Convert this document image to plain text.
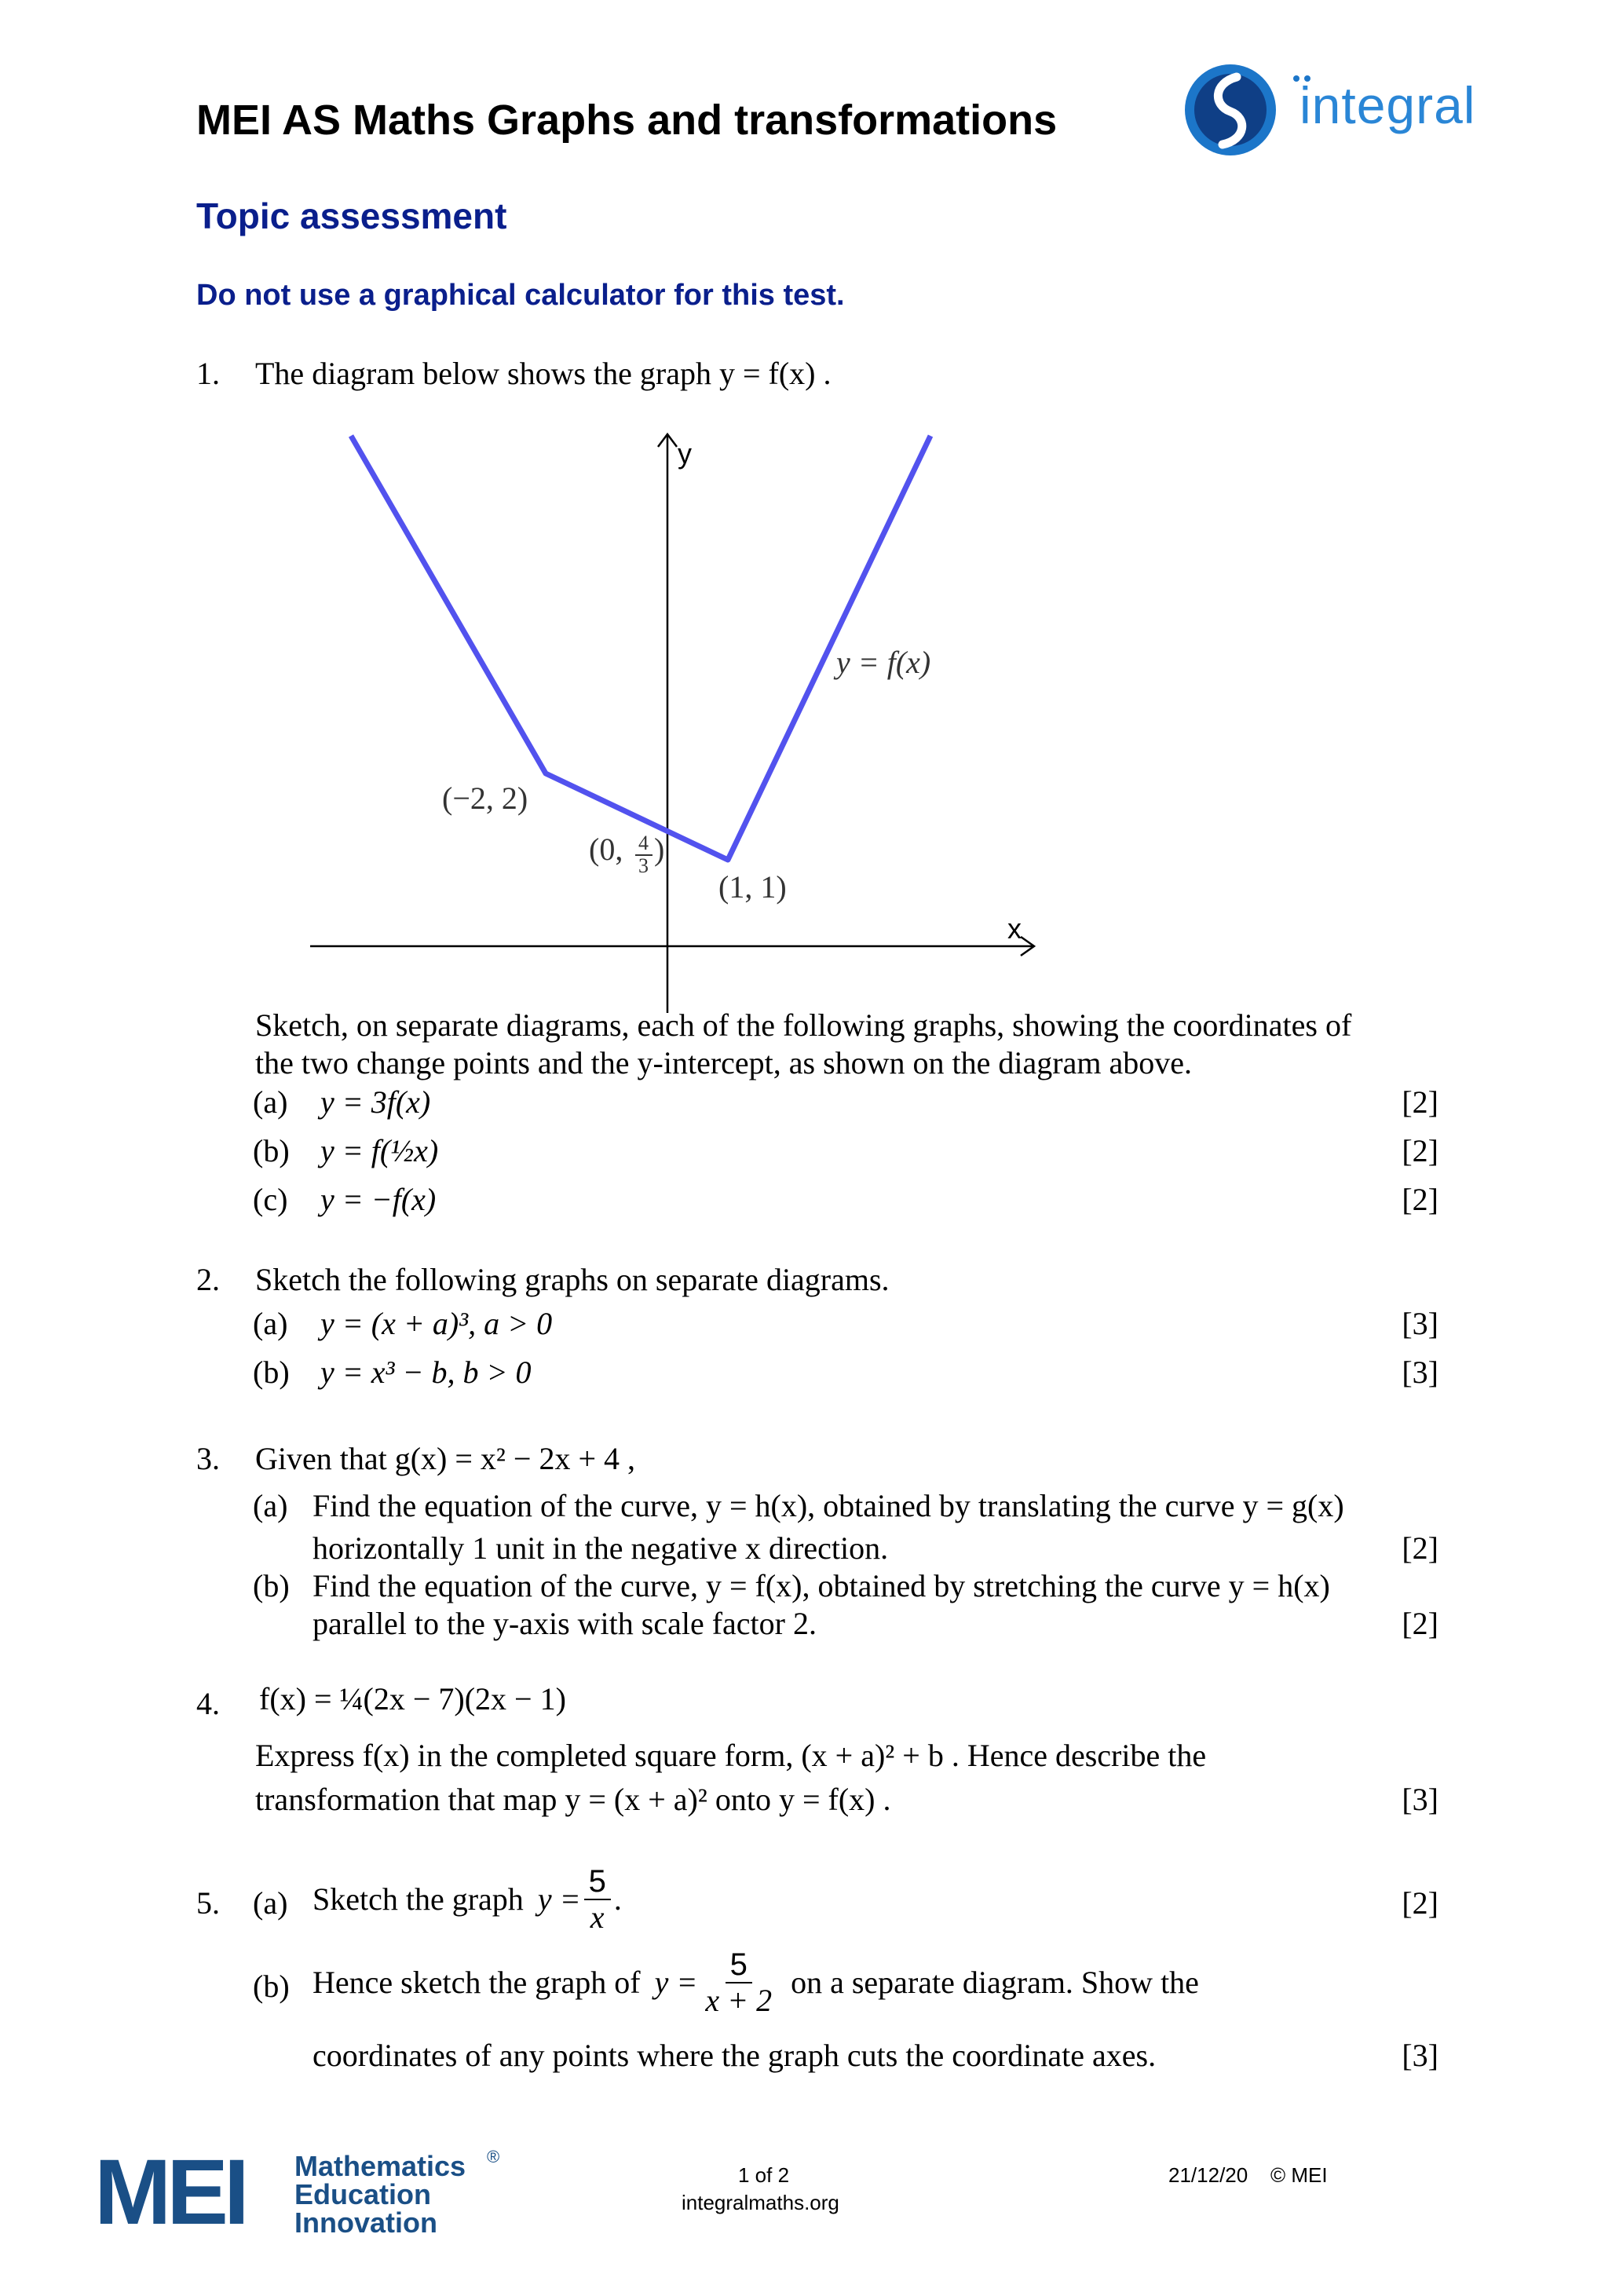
MEI AS Maths Graphs and transformations	integral
Topic assessment
Do not use a graphical calculator for this test.
1. The diagram below shows the graph y = f(x) .
x
y
y = f(x)
(−2, 2)
(0, 4
3 )
(1, 1)
Sketch, on separate diagrams, each of the following graphs, showing the coordinates of
the two change points and the y-intercept, as shown on the diagram above.
(a) y = 3f(x)	[2]
(b) y = f(½x)	[2]
(c) y = −f(x)	[2]
2. Sketch the following graphs on separate diagrams.
(a) y = (x + a)³, a > 0	[3]
(b) y = x³ − b, b > 0	[3]
3. Given that g(x) = x² − 2x + 4 ,
(a) Find the equation of the curve, y = h(x), obtained by translating the curve y = g(x)
horizontally 1 unit in the negative x direction.	[2]
(b) Find the equation of the curve, y = f(x), obtained by stretching the curve y = h(x)
parallel to the y-axis with scale factor 2.	[2]
4. f(x) = ¼(2x − 7)(2x − 1)
Express f(x) in the completed square form, (x + a)² + b . Hence describe the
transformation that map y = (x + a)² onto y = f(x) .	[3]
5. (a) Sketch the graph $y = \frac{5}{x}$ .	[2]
(b) Hence sketch the graph of $y = \frac{5}{x + 2}$ on a separate diagram. Show the
coordinates of any points where the graph cuts the coordinate axes.	[3]
MEI Mathematics ®
Education
Innovation
1 of 2
integralmaths.org
21/12/20 © MEI
